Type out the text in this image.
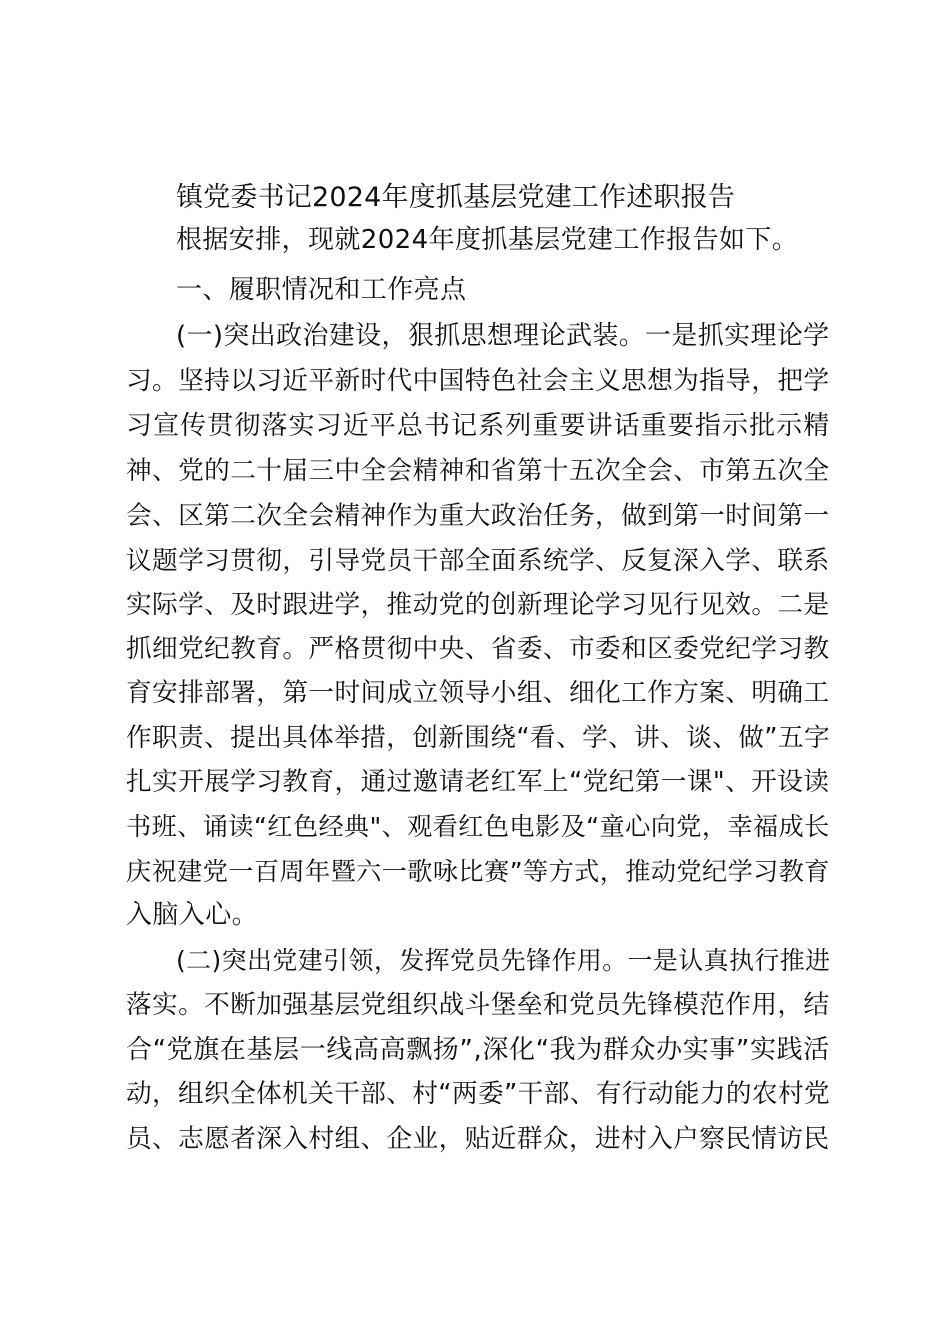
镇党委书记2024年度抓基层党建工作述职报告
根据安排，现就2024年度抓基层党建工作报告如下。
一、履职情况和工作亮点
(一)突出政治建设，狠抓思想理论武装。一是抓实理论学
习。坚持以习近平新时代中国特色社会主义思想为指导，把学
习宣传贯彻落实习近平总书记系列重要讲话重要指示批示精
神、党的二十届三中全会精神和省第十五次全会、市第五次全
会、区第二次全会精神作为重大政治任务，做到第一时间第一
议题学习贯彻，引导党员干部全面系统学、反复深入学、联系
实际学、及时跟进学，推动党的创新理论学习见行见效。二是
抓细党纪教育。严格贯彻中央、省委、市委和区委党纪学习教
育安排部署，第一时间成立领导小组、细化工作方案、明确工
作职责、提出具体举措，创新围绕“看、学、讲、谈、做”五字
扎实开展学习教育，通过邀请老红军上“党纪第一课"、开设读
书班、诵读“红色经典"、观看红色电影及“童心向党，幸福成长
庆祝建党一百周年暨六一歌咏比赛”等方式，推动党纪学习教育
入脑入心。
(二)突出党建引领，发挥党员先锋作用。一是认真执行推进
落实。不断加强基层党组织战斗堡垒和党员先锋模范作用，结
合“党旗在基层一线高高飘扬”,深化“我为群众办实事”实践活
动，组织全体机关干部、村“两委”干部、有行动能力的农村党
员、志愿者深入村组、企业，贴近群众，进村入户察民情访民
